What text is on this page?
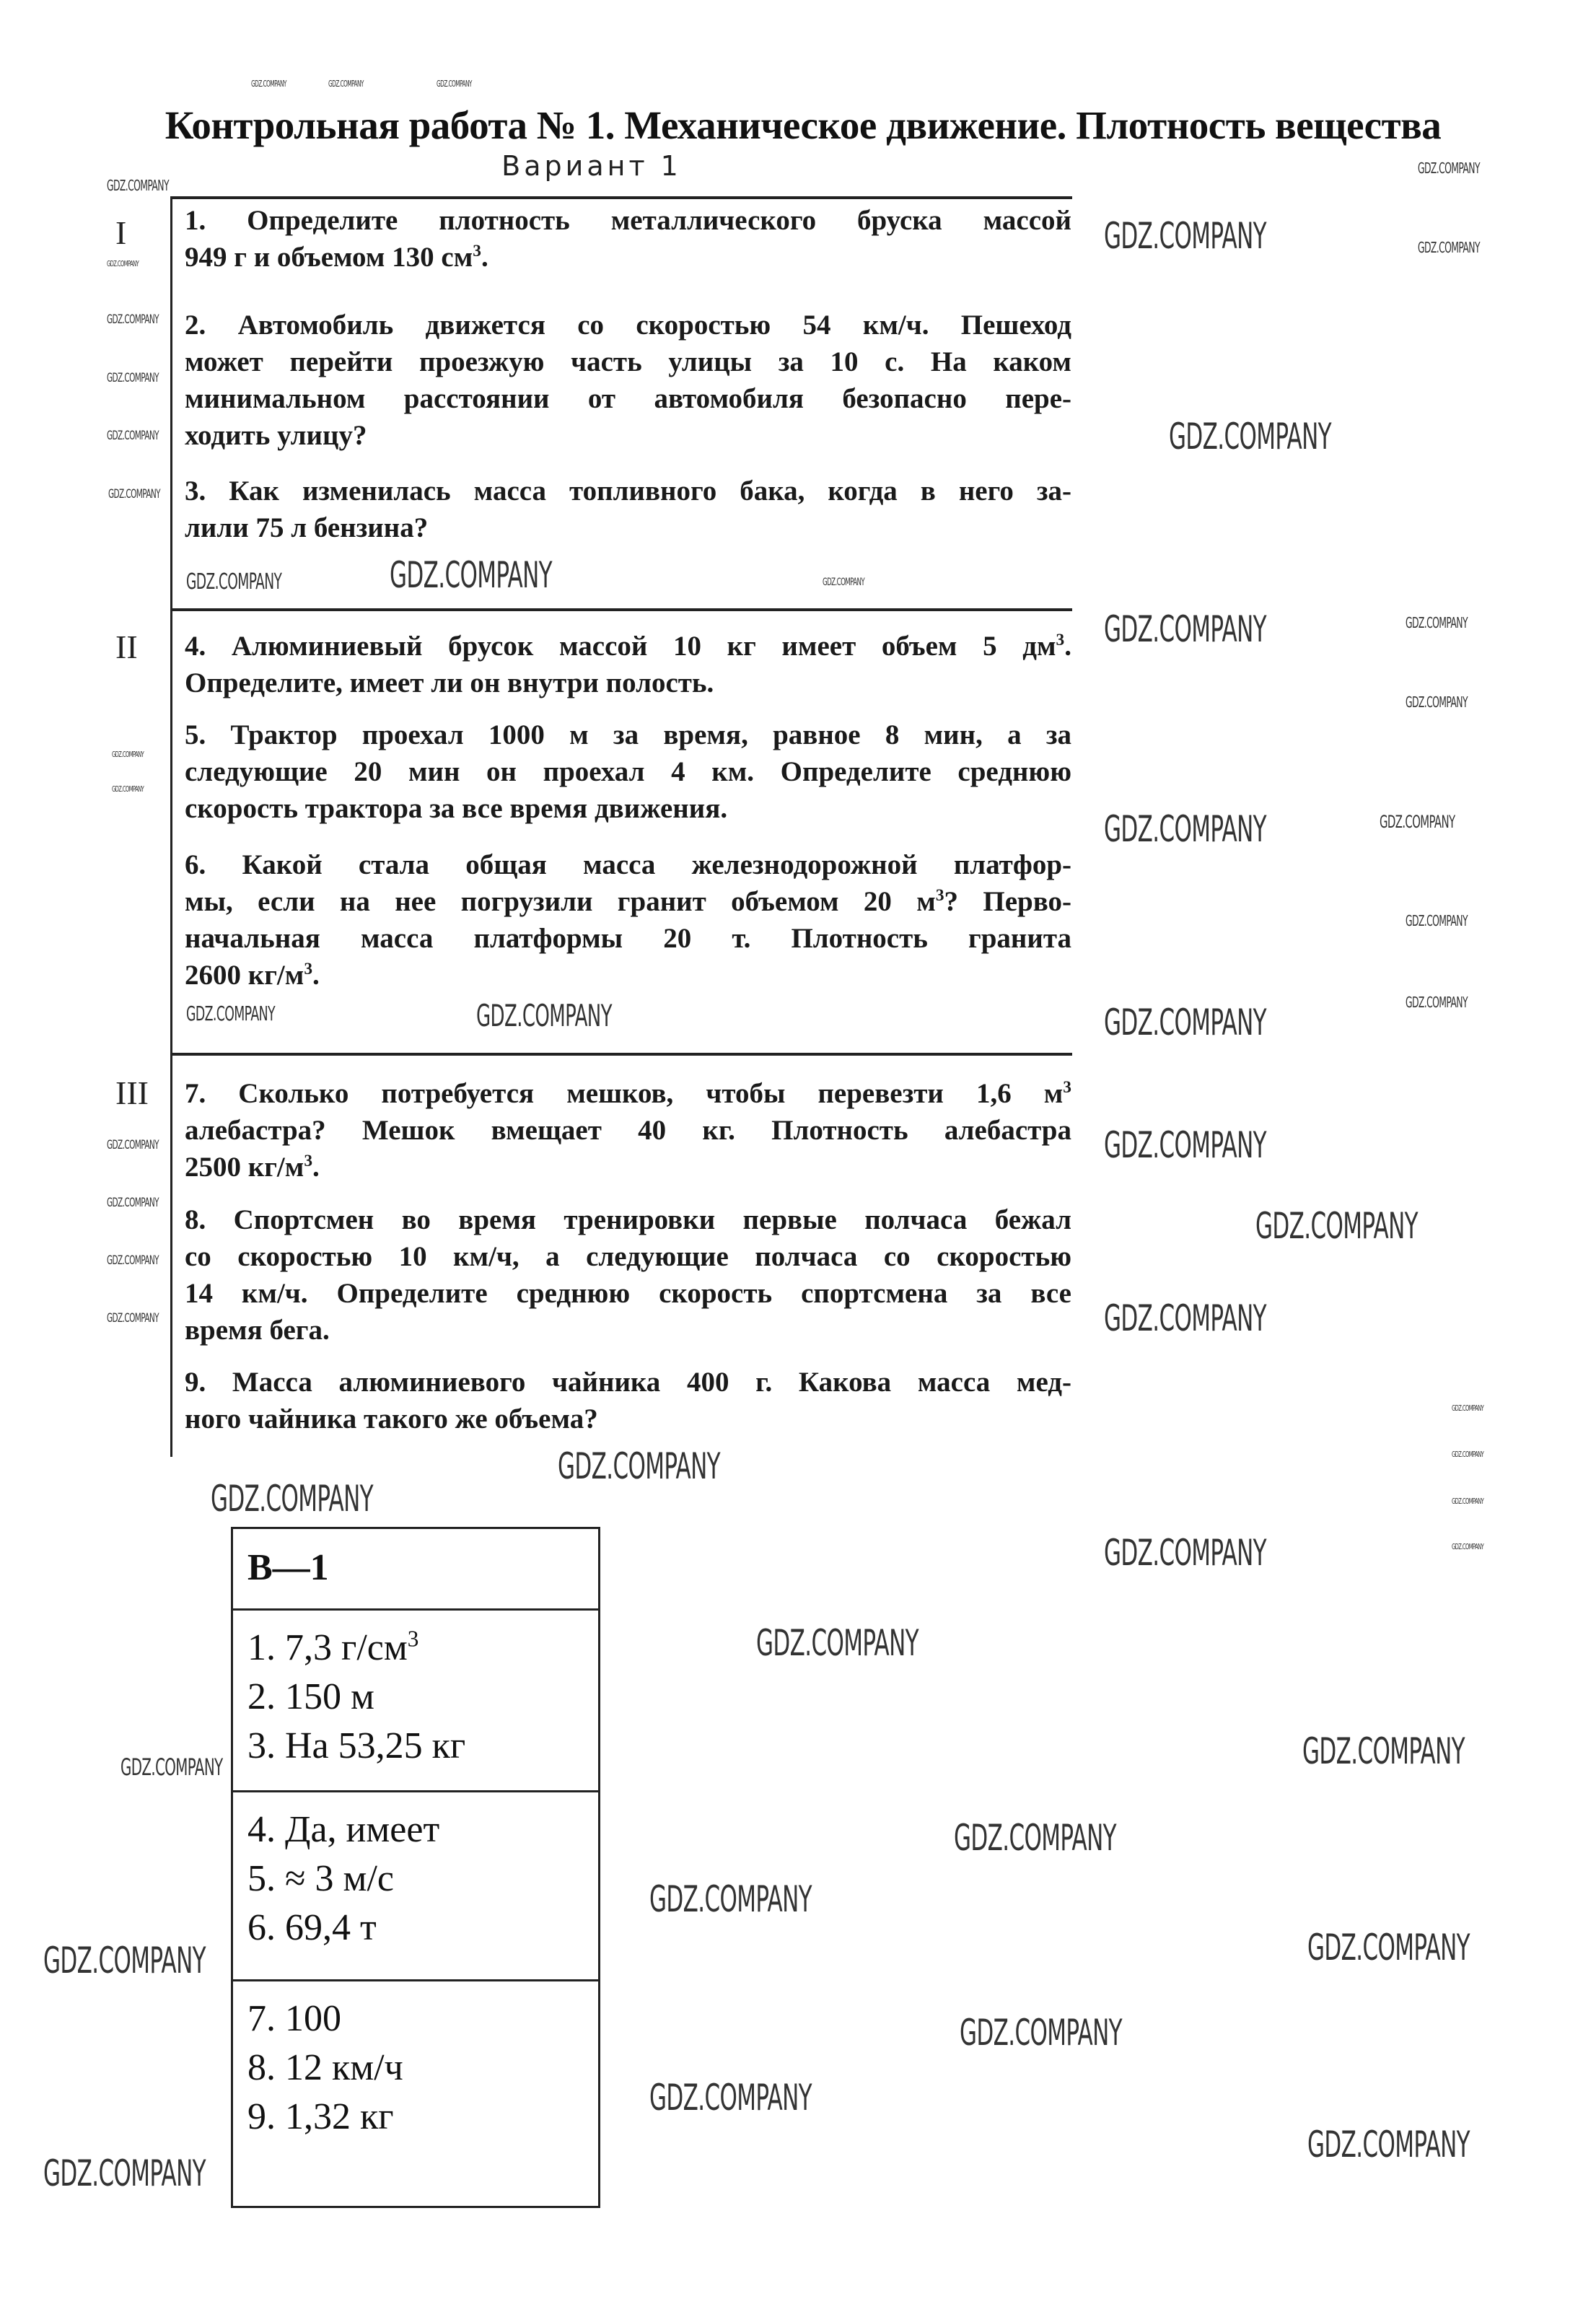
Контрольная работа № 1. Механическое движение. Плотность вещества
Вариант 1
I
II
III
1. Определите плотность металлического бруска массой
949 г и объемом 130 $см^3$.
2. Автомобиль движется со скоростью 54 км/ч. Пешеход
может перейти проезжую часть улицы за 10 с. На каком
минимальном расстоянии от автомобиля безопасно пере-
ходить улицу?
3. Как изменилась масса топливного бака, когда в него за-
лили 75 л бензина?
4. Алюминиевый брусок массой 10 кг имеет объем 5 $дм^3$.
Определите, имеет ли он внутри полость.
5. Трактор проехал 1000 м за время, равное 8 мин, а за
следующие 20 мин он проехал 4 км. Определите среднюю
скорость трактора за все время движения.
6. Какой стала общая масса железнодорожной платфор-
мы, если на нее погрузили гранит объемом 20 $м^3$? Перво-
начальная масса платформы 20 т. Плотность гранита
2600 $кг/м^3$.
7. Сколько потребуется мешков, чтобы перевезти 1,6 $м^3$
алебастра? Мешок вмещает 40 кг. Плотность алебастра
2500 $кг/м^3$.
8. Спортсмен во время тренировки первые полчаса бежал
со скоростью 10 км/ч, а следующие полчаса со скоростью
14 км/ч. Определите среднюю скорость спортсмена за все
время бега.
9. Масса алюминиевого чайника 400 г. Какова масса мед-
ного чайника такого же объема?
В—1
1. 7,3 $г/см^3$
2. 150 м
3. На 53,25 кг
4. Да, имеет
5. ≈ 3 м/с
6. 69,4 т
7. 100
8. 12 км/ч
9. 1,32 кг
GDZ.COMPANY
GDZ.COMPANY
GDZ.COMPANY
GDZ.COMPANY
GDZ.COMPANY
GDZ.COMPANY
GDZ.COMPANY
GDZ.COMPANY
GDZ.COMPANY
GDZ.COMPANY
GDZ.COMPANY
GDZ.COMPANY
GDZ.COMPANY
GDZ.COMPANY
GDZ.COMPANY
GDZ.COMPANY
GDZ.COMPANY
GDZ.COMPANY
GDZ.COMPANY
GDZ.COMPANY
GDZ.COMPANY	GDZ.COMPANY
GDZ.COMPANY
GDZ.COMPANY
GDZ.COMPANY
GDZ.COMPANY
GDZ.COMPANY
GDZ.COMPANY
GDZ.COMPANY
GDZ.COMPANY
GDZ.COMPANY
GDZ.COMPANY
GDZ.COMPANY
GDZ.COMPANY
GDZ.COMPANY
GDZ.COMPANY
GDZ.COMPANY
GDZ.COMPANY
GDZ.COMPANY
GDZ.COMPANY
GDZ.COMPANY
GDZ.COMPANY
GDZ.COMPANY	GDZ.COMPANY	GDZ.COMPANY
GDZ.COMPANY
GDZ.COMPANY
GDZ.COMPANY
GDZ.COMPANY
GDZ.COMPANY
GDZ.COMPANY
GDZ.COMPANY
GDZ.COMPANY
